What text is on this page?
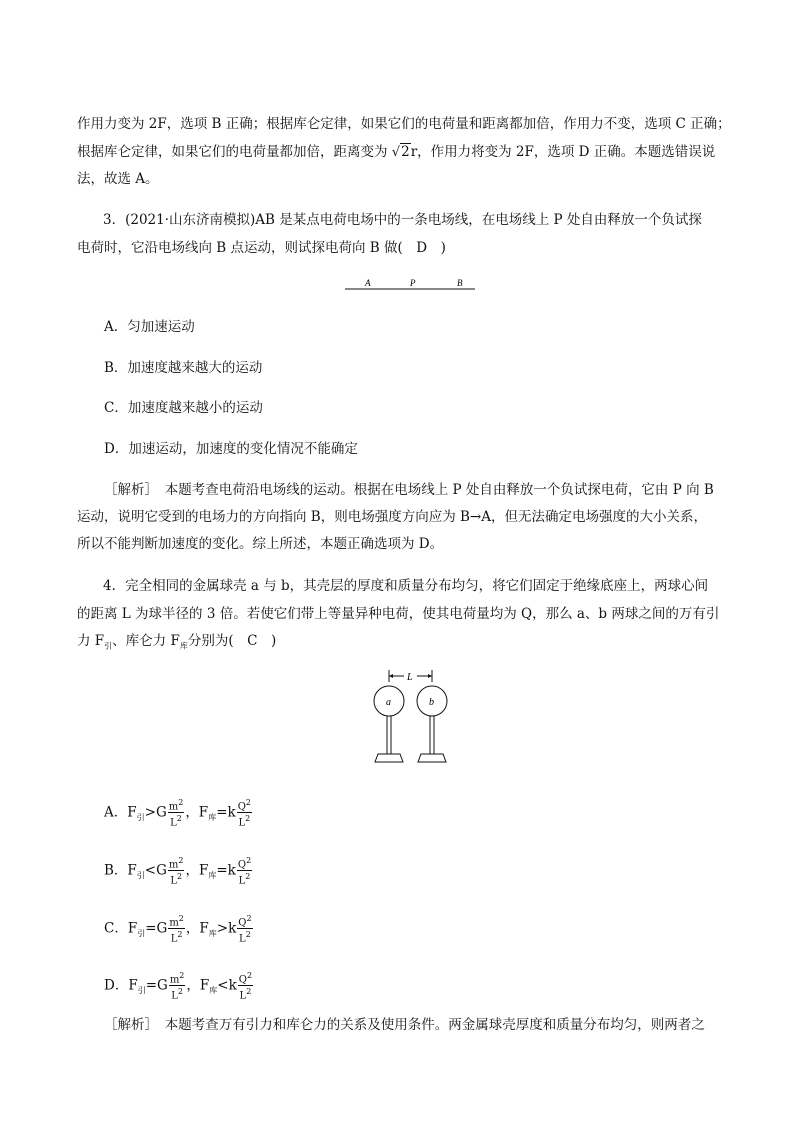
作用力变为 2F，选项 B 正确；根据库仑定律，如果它们的电荷量和距离都加倍，作用力不变，选项 C 正确；
根据库仑定律，如果它们的电荷量都加倍，距离变为 √2r，作用力将变为 2F，选项 D 正确。本题选错误说
法，故选 A。
3．(2021·山东济南模拟)AB 是某点电荷电场中的一条电场线，在电场线上 P 处自由释放一个负试探
电荷时，它沿电场线向 B 点运动，则试探电荷向 B 做(　D　)
A	P	B
A．匀加速运动
B．加速度越来越大的运动
C．加速度越来越小的运动
D．加速运动，加速度的变化情况不能确定
［解析］　本题考查电荷沿电场线的运动。根据在电场线上 P 处自由释放一个负试探电荷，它由 P 向 B
运动，说明它受到的电场力的方向指向 B，则电场强度方向应为 B→A，但无法确定电场强度的大小关系，
所以不能判断加速度的变化。综上所述，本题正确选项为 D。
4．完全相同的金属球壳 a 与 b，其壳层的厚度和质量分布均匀，将它们固定于绝缘底座上，两球心间
的距离 L 为球半径的 3 倍。若使它们带上等量异种电荷，使其电荷量均为 Q，那么 a、b 两球之间的万有引
力 $F_引$、库仑力 $F_库$分别为(　C　)
L
a	b
A．$F_引>G \frac{m^2}{L^2}$ ，$F_库=k \frac{Q^2}{L^2}$
B．$F_引<G \frac{m^2}{L^2}$ ，$F_库=k \frac{Q^2}{L^2}$
C．$F_引=G \frac{m^2}{L^2}$ ，$F_库>k \frac{Q^2}{L^2}$
D．$F_引=G \frac{m^2}{L^2}$ ，$F_库<k \frac{Q^2}{L^2}$
［解析］　本题考查万有引力和库仑力的关系及使用条件。两金属球壳厚度和质量分布均匀，则两者之
